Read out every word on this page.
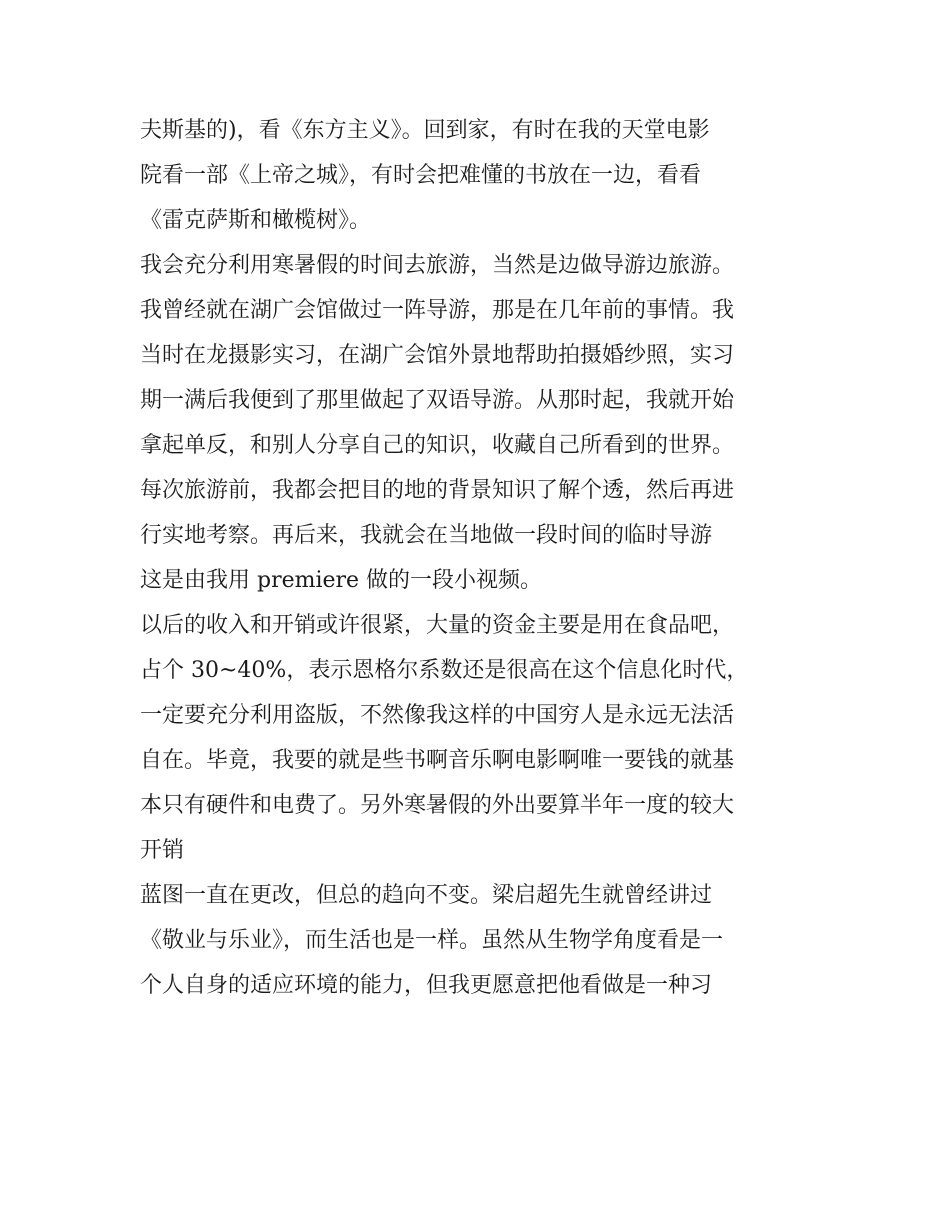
夫斯基的)，看《东方主义》。回到家，有时在我的天堂电影
院看一部《上帝之城》，有时会把难懂的书放在一边，看看
《雷克萨斯和橄榄树》。
我会充分利用寒暑假的时间去旅游，当然是边做导游边旅游。
我曾经就在湖广会馆做过一阵导游，那是在几年前的事情。我
当时在龙摄影实习，在湖广会馆外景地帮助拍摄婚纱照，实习
期一满后我便到了那里做起了双语导游。从那时起，我就开始
拿起单反，和别人分享自己的知识，收藏自己所看到的世界。
每次旅游前，我都会把目的地的背景知识了解个透，然后再进
行实地考察。再后来，我就会在当地做一段时间的临时导游
这是由我用 premiere 做的一段小视频。
以后的收入和开销或许很紧，大量的资金主要是用在食品吧，
占个 30~40%，表示恩格尔系数还是很高在这个信息化时代，
一定要充分利用盗版，不然像我这样的中国穷人是永远无法活
自在。毕竟，我要的就是些书啊音乐啊电影啊唯一要钱的就基
本只有硬件和电费了。另外寒暑假的外出要算半年一度的较大
开销
蓝图一直在更改，但总的趋向不变。梁启超先生就曾经讲过
《敬业与乐业》，而生活也是一样。虽然从生物学角度看是一
个人自身的适应环境的能力，但我更愿意把他看做是一种习
